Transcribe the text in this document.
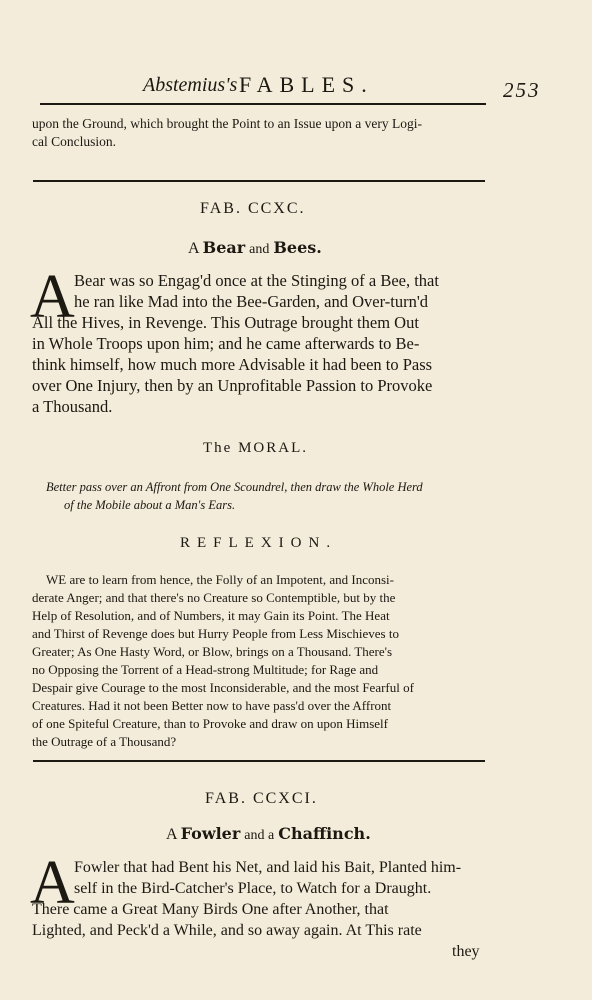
Abstemius's FABLES.	253
upon the Ground, which brought the Point to an Issue upon a very Logi-
cal Conclusion.
FAB. CCXC.
A Bear and Bees.
A Bear was so Engag'd once at the Stinging of a Bee, that
he ran like Mad into the Bee-Garden, and Over-turn'd
All the Hives, in Revenge. This Outrage brought them Out
in Whole Troops upon him; and he came afterwards to Be-
think himself, how much more Advisable it had been to Pass
over One Injury, then by an Unprofitable Passion to Provoke
a Thousand.
The MORAL.
Better pass over an Affront from One Scoundrel, then draw the Whole Herd
of the Mobile about a Man's Ears.
REFLEXION.
WE are to learn from hence, the Folly of an Impotent, and Inconsi-
derate Anger; and that there's no Creature so Contemptible, but by the
Help of Resolution, and of Numbers, it may Gain its Point. The Heat
and Thirst of Revenge does but Hurry People from Less Mischieves to
Greater; As One Hasty Word, or Blow, brings on a Thousand. There's
no Opposing the Torrent of a Head-strong Multitude; for Rage and
Despair give Courage to the most Inconsiderable, and the most Fearful of
Creatures. Had it not been Better now to have pass'd over the Affront
of one Spiteful Creature, than to Provoke and draw on upon Himself
the Outrage of a Thousand?
FAB. CCXCI.
A Fowler and a Chaffinch.
A Fowler that had Bent his Net, and laid his Bait, Planted him-
self in the Bird-Catcher's Place, to Watch for a Draught.
There came a Great Many Birds One after Another, that
Lighted, and Peck'd a While, and so away again. At This rate
they
